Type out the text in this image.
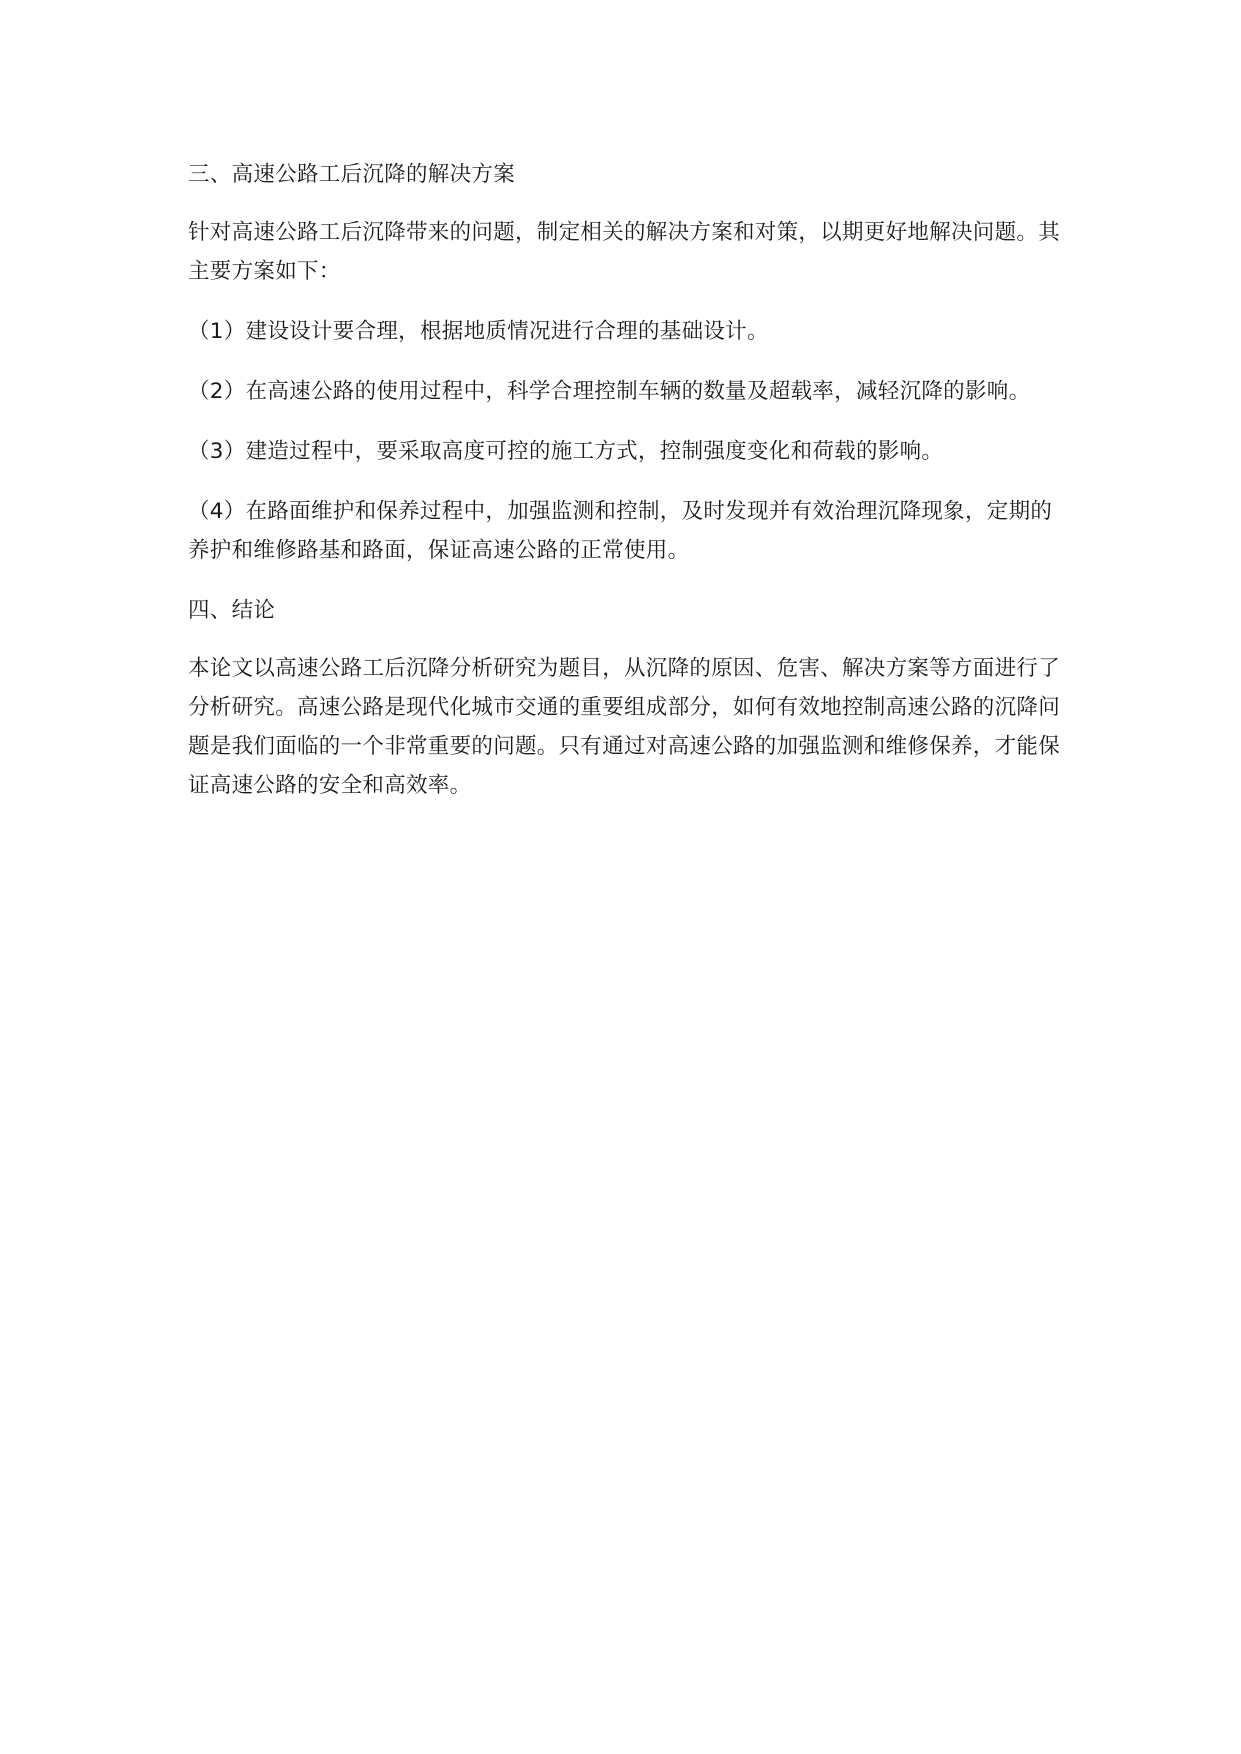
三、高速公路工后沉降的解决方案

针对高速公路工后沉降带来的问题，制定相关的解决方案和对策，以期更好地解决问题。其主要方案如下：

（1）建设设计要合理，根据地质情况进行合理的基础设计。

（2）在高速公路的使用过程中，科学合理控制车辆的数量及超载率，减轻沉降的影响。

（3）建造过程中，要采取高度可控的施工方式，控制强度变化和荷载的影响。

（4）在路面维护和保养过程中，加强监测和控制，及时发现并有效治理沉降现象，定期的养护和维修路基和路面，保证高速公路的正常使用。

四、结论

本论文以高速公路工后沉降分析研究为题目，从沉降的原因、危害、解决方案等方面进行了分析研究。高速公路是现代化城市交通的重要组成部分，如何有效地控制高速公路的沉降问题是我们面临的一个非常重要的问题。只有通过对高速公路的加强监测和维修保养，才能保证高速公路的安全和高效率。
